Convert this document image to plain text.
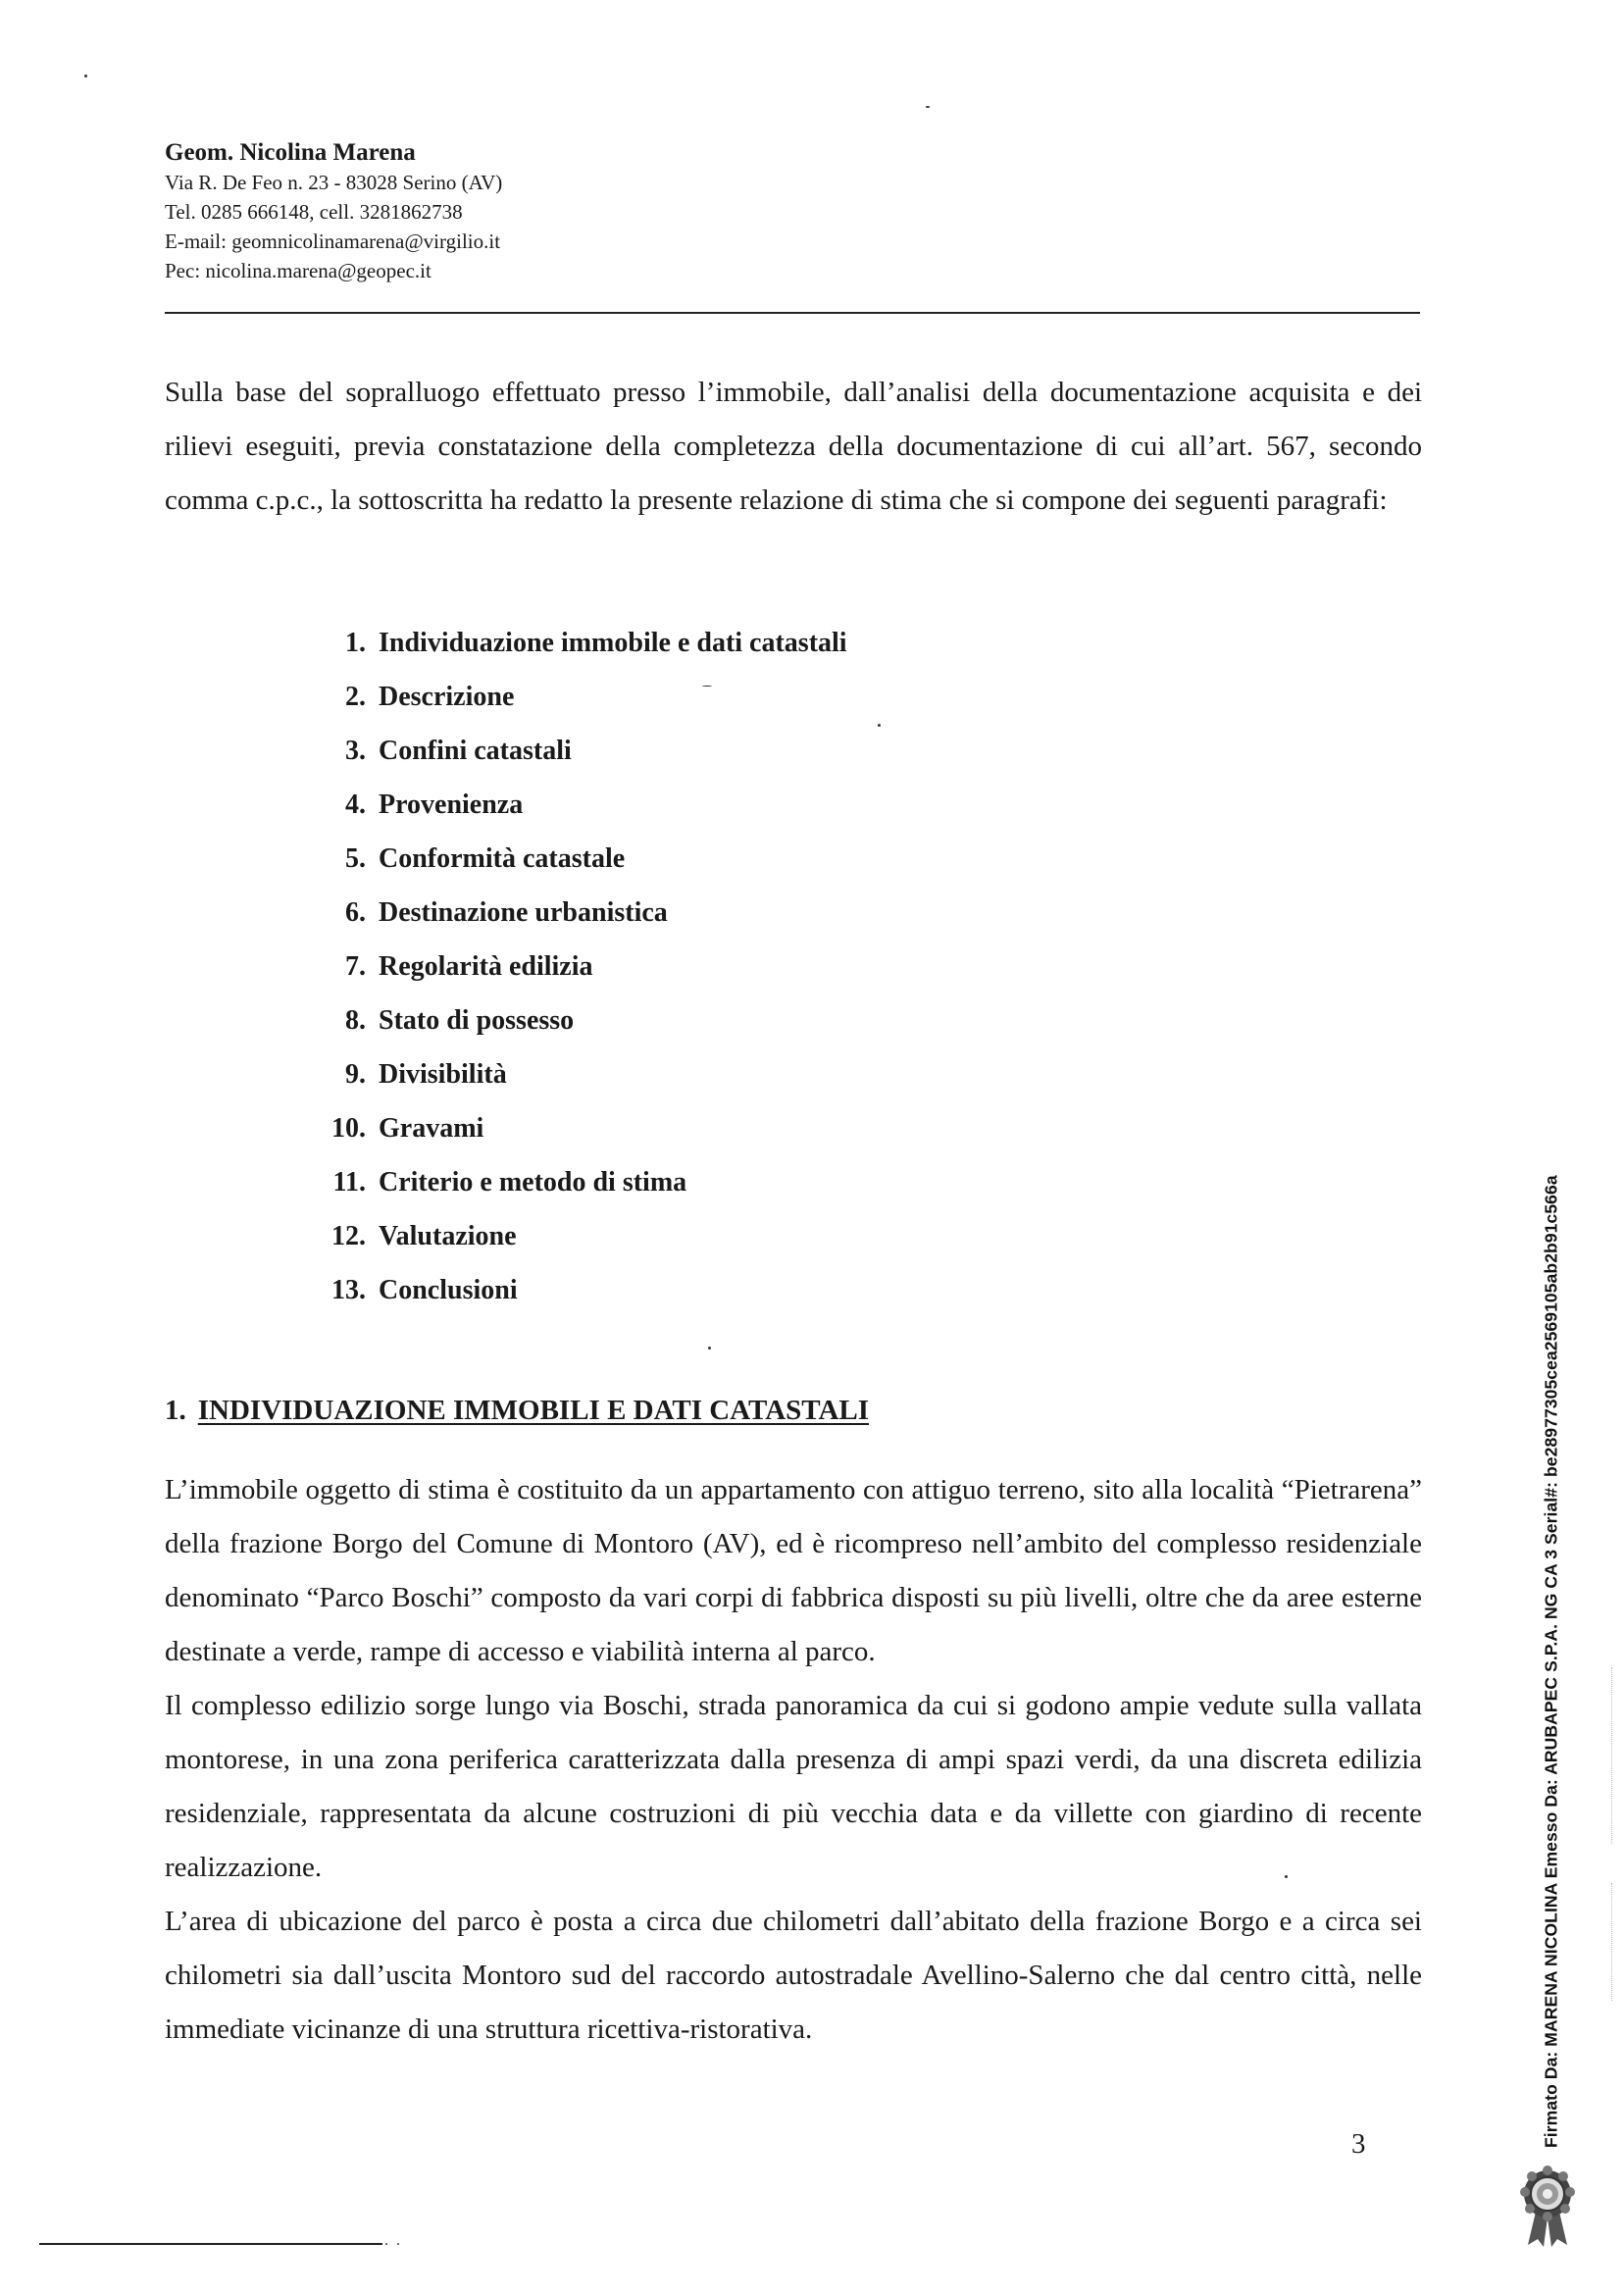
Geom. Nicolina Marena
Via R. De Feo n. 23 - 83028 Serino (AV)
Tel. 0285 666148, cell. 3281862738
E-mail: geomnicolinamarena@virgilio.it
Pec: nicolina.marena@geopec.it
Sulla base del sopralluogo effettuato presso l’immobile, dall’analisi della documentazione acquisita e dei rilievi eseguiti, previa constatazione della completezza della documentazione di cui all’art. 567, secondo comma c.p.c., la sottoscritta ha redatto la presente relazione di stima che si compone dei seguenti paragrafi:
1. Individuazione immobile e dati catastali
2. Descrizione
3. Confini catastali
4. Provenienza
5. Conformità catastale
6. Destinazione urbanistica
7. Regolarità edilizia
8. Stato di possesso
9. Divisibilità
10. Gravami
11. Criterio e metodo di stima
12. Valutazione
13. Conclusioni
1. INDIVIDUAZIONE IMMOBILI E DATI CATASTALI

L’immobile oggetto di stima è costituito da un appartamento con attiguo terreno, sito alla località “Pietrarena” della frazione Borgo del Comune di Montoro (AV), ed è ricompreso nell’ambito del complesso residenziale denominato “Parco Boschi” composto da vari corpi di fabbrica disposti su più livelli, oltre che da aree esterne destinate a verde, rampe di accesso e viabilità interna al parco.

Il complesso edilizio sorge lungo via Boschi, strada panoramica da cui si godono ampie vedute sulla vallata montorese, in una zona periferica caratterizzata dalla presenza di ampi spazi verdi, da una discreta edilizia residenziale, rappresentata da alcune costruzioni di più vecchia data e da villette con giardino di recente realizzazione.

L’area di ubicazione del parco è posta a circa due chilometri dall’abitato della frazione Borgo e a circa sei chilometri sia dall’uscita Montoro sud del raccordo autostradale Avellino-Salerno che dal centro città, nelle immediate vicinanze di una struttura ricettiva-ristorativa.

3
. .
Firmato Da: MARENA NICOLINA Emesso Da: ARUBAPEC S.P.A. NG CA 3 Serial#: be28977305cea2569105ab2b91c566a
